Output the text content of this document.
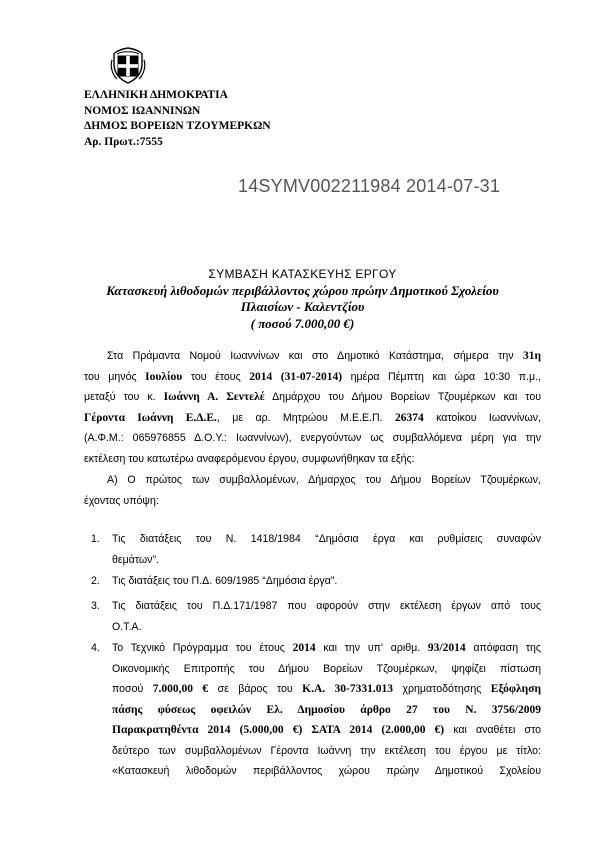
ΕΛΛΗΝΙΚΗ ΔΗΜΟΚΡΑΤΙΑ
ΝΟΜΟΣ ΙΩΑΝΝΙΝΩΝ
ΔΗΜΟΣ ΒΟΡΕΙΩΝ ΤΖΟΥΜΕΡΚΩΝ
Αρ. Πρωτ.:7555
14SYMV002211984 2014-07-31
ΣΥΜΒΑΣΗ ΚΑΤΑΣΚΕΥΗΣ ΕΡΓΟΥ
Κατασκευή λιθοδομών περιβάλλοντος χώρου πρώην Δημοτικού Σχολείου
Πλαισίων - Καλεντζίου
( ποσού 7.000,00 €)
Στα Πράμαντα Νομού Ιωαννίνων και στο Δημοτικό Κατάστημα, σήμερα την 31η
του μηνός Ιουλίου του έτους 2014 (31-07-2014) ημέρα Πέμπτη και ώρα 10:30 π.μ.,
μεταξύ του κ. Ιωάννη Α. Σεντελέ Δημάρχου του Δήμου Βορείων Τζουμέρκων και του
Γέροντα Ιωάννη Ε.Δ.Ε., με αρ. Μητρώου Μ.Ε.Ε.Π. 26374 κατοίκου Ιωαννίνων,
(Α.Φ.Μ.: 065976855 Δ.Ο.Υ.: Ιωαννίνων), ενεργούντων ως συμβαλλόμενα μέρη για την
εκτέλεση του κατωτέρω αναφερόμενου έργου, συμφωνήθηκαν τα εξής:
Α) Ο πρώτος των συμβαλλομένων, Δήμαρχος του Δήμου Βορείων Τζουμέρκων,
έχοντας υπόψη:
1. Τις διατάξεις του Ν. 1418/1984 “Δημόσια έργα και ρυθμίσεις συναφών
θεμάτων”.
2. Τις διατάξεις του Π.Δ. 609/1985 “Δημόσια έργα”.
3. Τις διατάξεις του Π.Δ.171/1987 που αφορούν στην εκτέλεση έργων από τους
Ο.Τ.Α.
4. Το Τεχνικό Πρόγραμμα του έτους 2014 και την υπ' αριθμ. 93/2014 απόφαση της
Οικονομικής Επιτροπής του Δήμου Βορείων Τζουμέρκων, ψηφίζει πίστωση
ποσού 7.000,00 € σε βάρος του Κ.Α. 30-7331.013 χρηματοδότησης Εξόφληση
πάσης φύσεως οφειλών Ελ. Δημοσίου άρθρο 27 του Ν. 3756/2009
Παρακρατηθέντα 2014 (5.000,00 €) ΣΑΤΑ 2014 (2.000,00 €) και αναθέτει στο
δεύτερο των συμβαλλομένων Γέροντα Ιωάννη την εκτέλεση του έργου με τίτλο:
«Κατασκευή λιθοδομών περιβάλλοντος χώρου πρώην Δημοτικού Σχολείου
